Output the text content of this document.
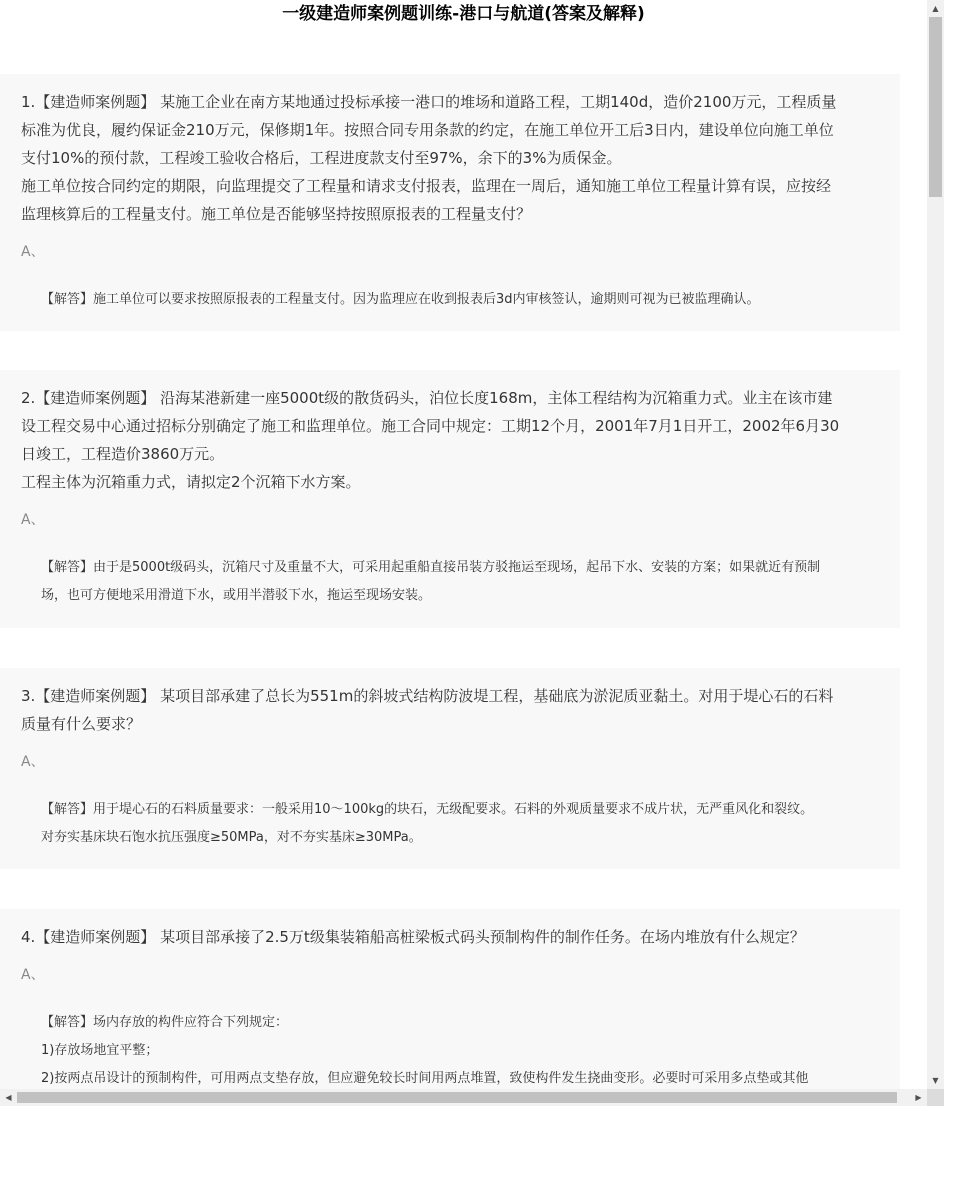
一级建造师案例题训练-港口与航道(答案及解释)
1.【建造师案例题】 某施工企业在南方某地通过投标承接一港口的堆场和道路工程，工期140d，造价2100万元，工程质量
标准为优良，履约保证金210万元，保修期1年。按照合同专用条款的约定，在施工单位开工后3日内，建设单位向施工单位
支付10%的预付款，工程竣工验收合格后，工程进度款支付至97%，余下的3%为质保金。
施工单位按合同约定的期限，向监理提交了工程量和请求支付报表，监理在一周后，通知施工单位工程量计算有误，应按经
监理核算后的工程量支付。施工单位是否能够坚持按照原报表的工程量支付？
A、
【解答】施工单位可以要求按照原报表的工程量支付。因为监理应在收到报表后3d内审核签认，逾期则可视为已被监理确认。
2.【建造师案例题】 沿海某港新建一座5000t级的散货码头，泊位长度168m，主体工程结构为沉箱重力式。业主在该市建
设工程交易中心通过招标分别确定了施工和监理单位。施工合同中规定：工期12个月，2001年7月1日开工，2002年6月30
日竣工，工程造价3860万元。
工程主体为沉箱重力式，请拟定2个沉箱下水方案。
A、
【解答】由于是5000t级码头，沉箱尺寸及重量不大，可采用起重船直接吊装方驳拖运至现场，起吊下水、安装的方案；如果就近有预制
场，也可方便地采用滑道下水，或用半潜驳下水，拖运至现场安装。
3.【建造师案例题】 某项目部承建了总长为551m的斜坡式结构防波堤工程，基础底为淤泥质亚黏土。对用于堤心石的石料
质量有什么要求？
A、
【解答】用于堤心石的石料质量要求：一般采用10～100kg的块石，无级配要求。石料的外观质量要求不成片状，无严重风化和裂纹。
对夯实基床块石饱水抗压强度≥50MPa，对不夯实基床≥30MPa。
4.【建造师案例题】 某项目部承接了2.5万t级集装箱船高桩梁板式码头预制构件的制作任务。在场内堆放有什么规定？
A、
【解答】场内存放的构件应符合下列规定：
1)存放场地宜平整；
2)按两点吊设计的预制构件，可用两点支垫存放，但应避免较长时间用两点堆置，致使构件发生挠曲变形。必要时可采用多点垫或其他
▲
▼
◀	▶
